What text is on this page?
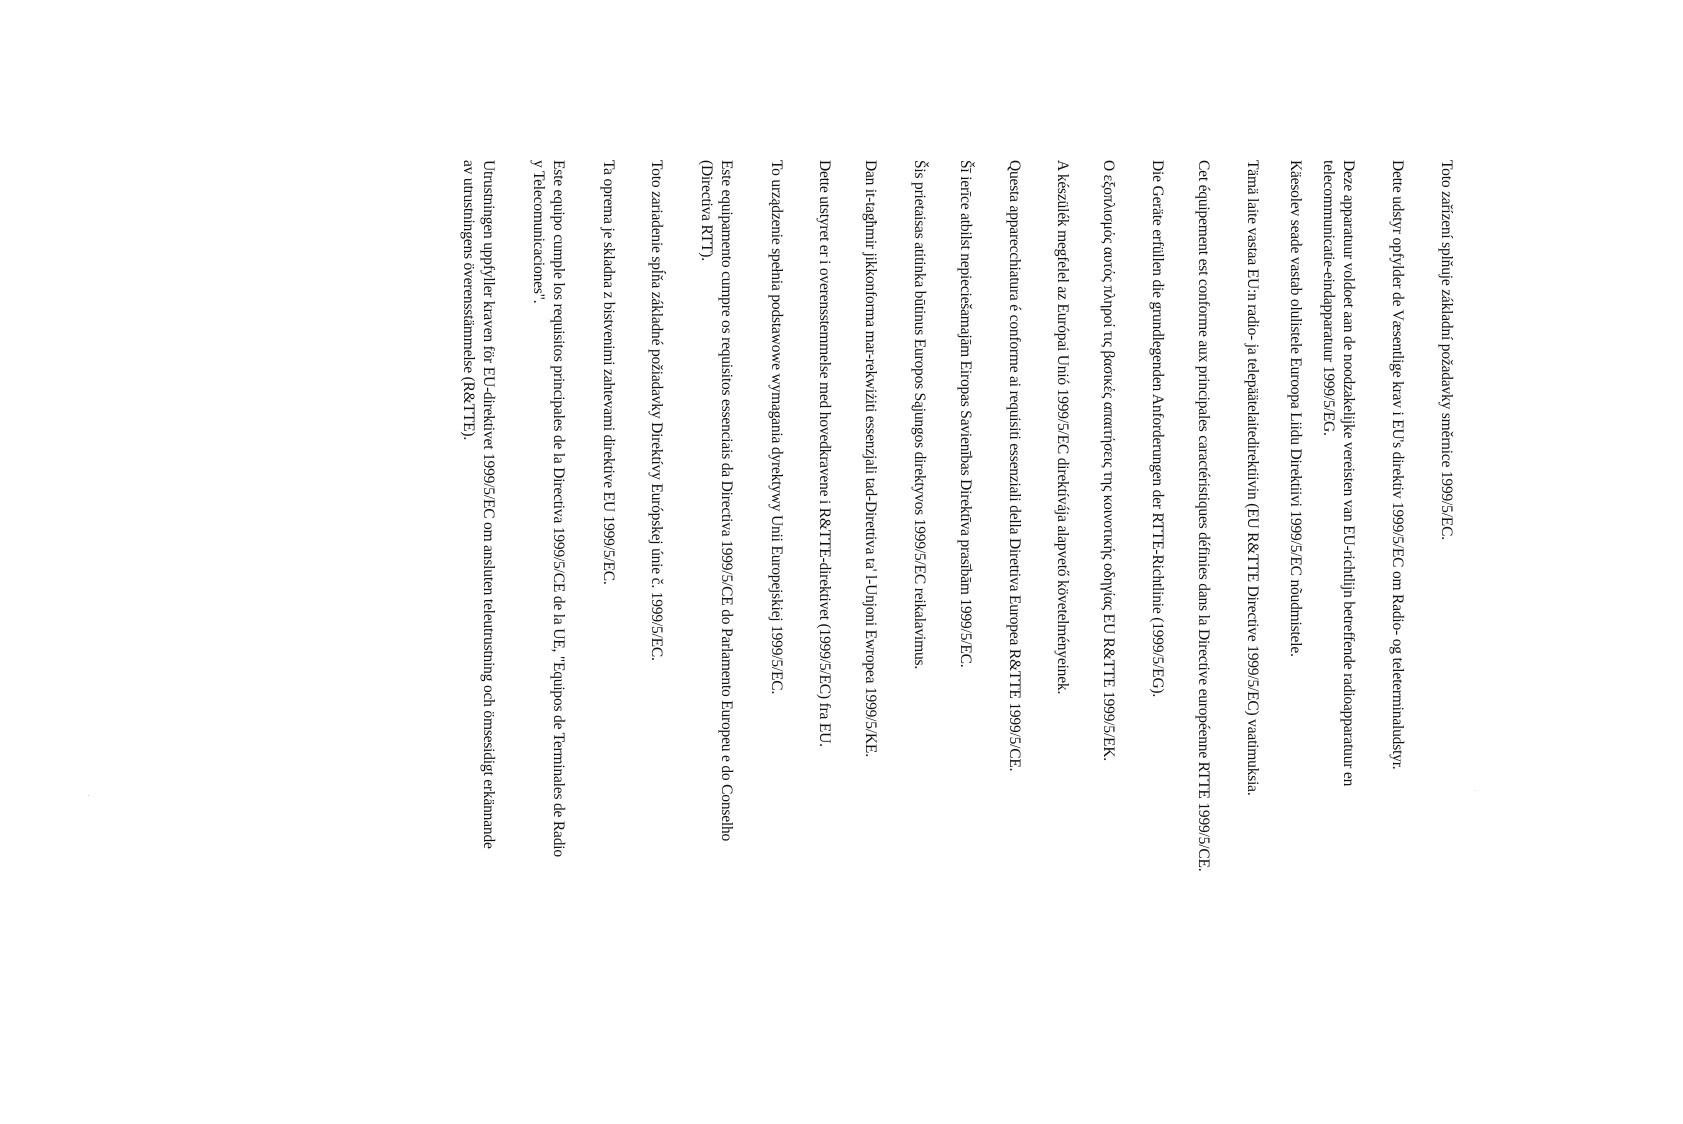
Toto zařízení splňuje základní požadavky směrnice 1999/5/EC.

Dette udstyr opfylder de Væsentlige krav i EU's direktiv 1999/5/EC om Radio- og teleterminaludstyr.

Deze apparatuur voldoet aan de noodzakelijke vereisten van EU-richtlijn betreffende radioapparatuur en

telecommunicatie-eindapparatuur 1999/5/EG.

Käesolev seade vastab olulistele Euroopa Liidu Direktiivi 1999/5/EC nõudmistele.

Tämä laite vastaa EU:n radio- ja telepäätelaitedirektiivin (EU R&TTE Directive 1999/5/EC) vaatimuksia.

Cet équipement est conforme aux principales caractéristiques définies dans la Directive européenne RTTE 1999/5/CE.

Die Geräte erfüllen die grundlegenden Anforderungen der RTTE-Richtlinie (1999/5/EG).

Ο εξοπλισμός αυτός πληροί τις βασικές απαιτήσεις της κοινοτικής οδηγίας EU R&TTE 1999/5/ΕΚ.

A készülék megfelel az Európai Unió 1999/5/EC direktívája alapvető követelményeinek.

Questa apparecchiatura é conforme ai requisiti essenziali della Direttiva Europea R&TTE 1999/5/CE.

Šī ierīce atbilst nepieciešamajām Eiropas Savienības Direktīva prasībām 1999/5/EC.

Šis prietaisas atitinka būtinus Europos Sąjungos direktyvos 1999/5/EC reikalavimus.

Dan it-tagħmir jikkonforma mar-rekwiżiti essenzjali tad-Direttiva ta' l-Unjoni Ewropea 1999/5/KE.

Dette utstyret er i overensstemmelse med hovedkravene i R&TTE-direktivet (1999/5/EC) fra EU.

To urządzenie spełnia podstawowe wymagania dyrektywy Unii Europejskiej 1999/5/EC.

Este equipamento cumpre os requisitos essenciais da Directiva 1999/5/CE do Parlamento Europeu e do Conselho

(Directiva RTT).

Toto zariadenie spĺňa základné požiadavky Direktívy Európskej únie č. 1999/5/EC.

Ta oprema je skladna z bistvenimi zahtevami direktive EU 1999/5/EC.

Este equipo cumple los requisitos principales de la Directiva 1999/5/CE de la UE, "Equipos de Terminales de Radio

y Telecomunicaciones".

Utrustningen uppfyller kraven för EU-direktivet 1999/5/EC om ansluten teleutrustning och ömsesidigt erkännande

av utrustningens överensstämmelse (R&TTE).
